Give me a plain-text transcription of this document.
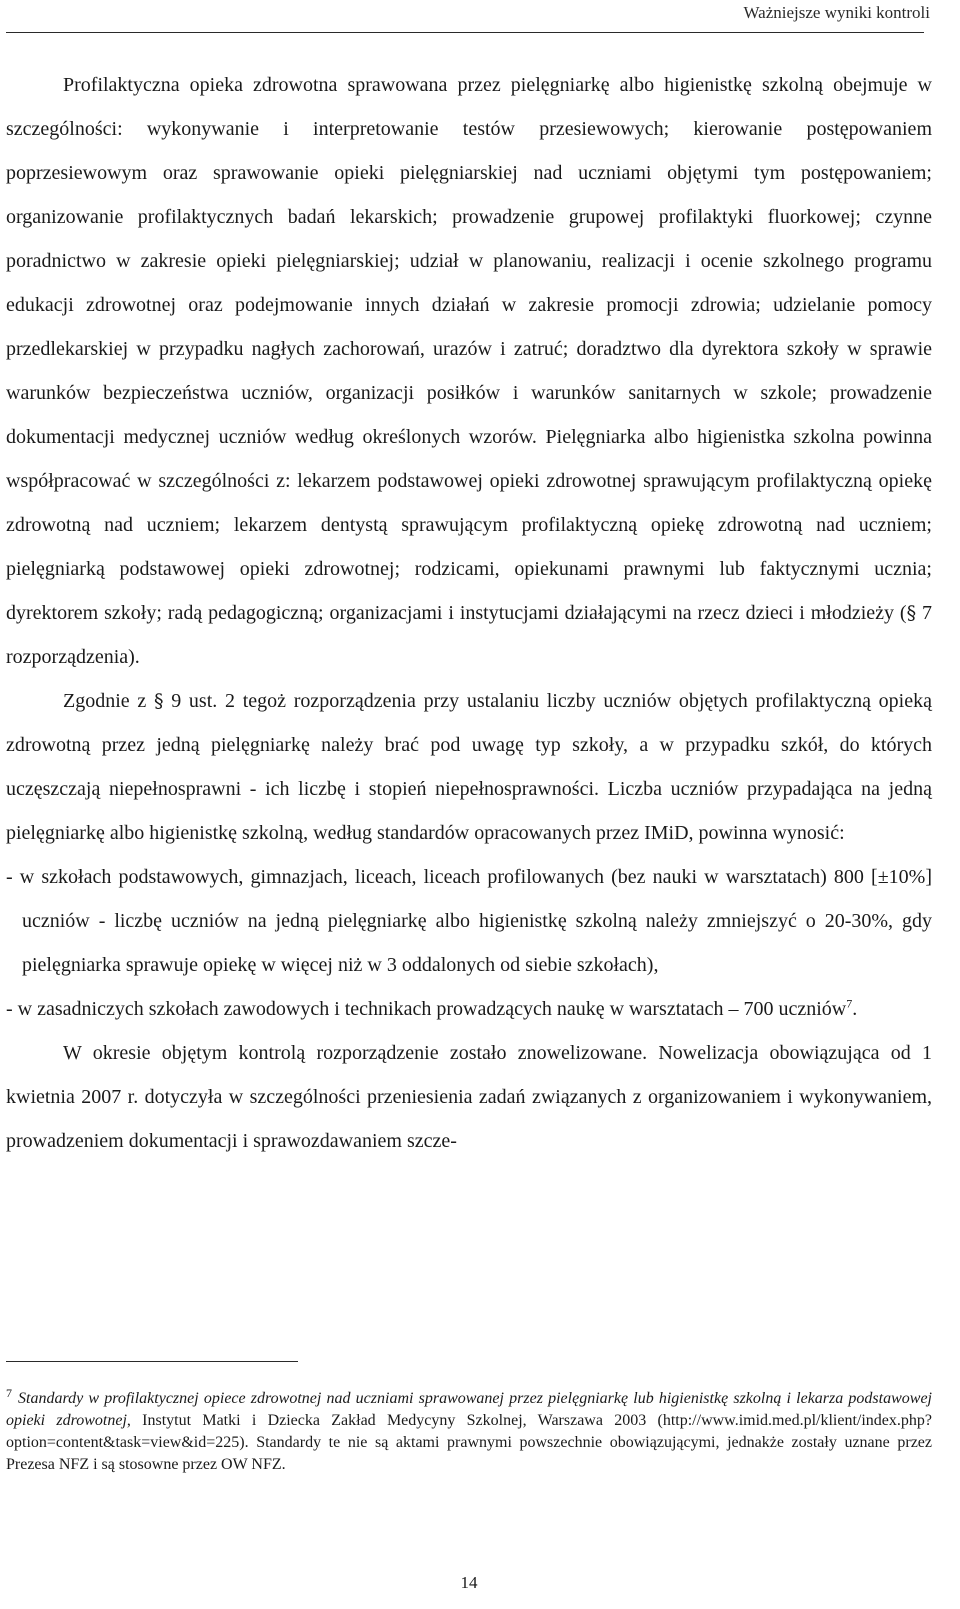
Ważniejsze wyniki kontroli

Profilaktyczna opieka zdrowotna sprawowana przez pielęgniarkę albo higienistkę szkolną obejmuje w szczególności: wykonywanie i interpretowanie testów przesiewowych; kierowanie postępowaniem poprzesiewowym oraz sprawowanie opieki pielęgniarskiej nad uczniami objętymi tym postępowaniem; organizowanie profilaktycznych badań lekarskich; prowadzenie grupowej profilaktyki fluorkowej; czynne poradnictwo w zakresie opieki pielęgniarskiej; udział w planowaniu, realizacji i ocenie szkolnego programu edukacji zdrowotnej oraz podejmowanie innych działań w zakresie promocji zdrowia; udzielanie pomocy przedlekarskiej w przypadku nagłych zachorowań, urazów i zatruć; doradztwo dla dyrektora szkoły w sprawie warunków bezpieczeństwa uczniów, organizacji posiłków i warunków sanitarnych w szkole; prowadzenie dokumentacji medycznej uczniów według określonych wzorów. Pielęgniarka albo higienistka szkolna powinna współpracować w szczególności z: lekarzem podstawowej opieki zdrowotnej sprawującym profilaktyczną opiekę zdrowotną nad uczniem; lekarzem dentystą sprawującym profilaktyczną opiekę zdrowotną nad uczniem; pielęgniarką podstawowej opieki zdrowotnej; rodzicami, opiekunami prawnymi lub faktycznymi ucznia; dyrektorem szkoły; radą pedagogiczną; organizacjami i instytucjami działającymi na rzecz dzieci i młodzieży (§ 7 rozporządzenia).

Zgodnie z § 9 ust. 2 tegoż rozporządzenia przy ustalaniu liczby uczniów objętych profilaktyczną opieką zdrowotną przez jedną pielęgniarkę należy brać pod uwagę typ szkoły, a w przypadku szkół, do których uczęszczają niepełnosprawni - ich liczbę i stopień niepełnosprawności. Liczba uczniów przypadająca na jedną pielęgniarkę albo higienistkę szkolną, według standardów opracowanych przez IMiD, powinna wynosić:

- w szkołach podstawowych, gimnazjach, liceach, liceach profilowanych (bez nauki w warsztatach) 800 [±10%] uczniów - liczbę uczniów na jedną pielęgniarkę albo higienistkę szkolną należy zmniejszyć o 20-30%, gdy pielęgniarka sprawuje opiekę w więcej niż w 3 oddalonych od siebie szkołach),

- w zasadniczych szkołach zawodowych i technikach prowadzących naukę w warsztatach – 700 uczniów$^7$.

W okresie objętym kontrolą rozporządzenie zostało znowelizowane. Nowelizacja obowiązująca od 1 kwietnia 2007 r. dotyczyła w szczególności przeniesienia zadań związanych z organizowaniem i wykonywaniem, prowadzeniem dokumentacji i sprawozdawaniem szcze-

$^7$ Standardy w profilaktycznej opiece zdrowotnej nad uczniami sprawowanej przez pielęgniarkę lub higienistkę szkolną i lekarza podstawowej opieki zdrowotnej, Instytut Matki i Dziecka Zakład Medycyny Szkolnej, Warszawa 2003 (http://www.imid.med.pl/klient/index.php?option=content&task=view&id=225). Standardy te nie są aktami prawnymi powszechnie obowiązującymi, jednakże zostały uznane przez Prezesa NFZ i są stosowne przez OW NFZ.
14
